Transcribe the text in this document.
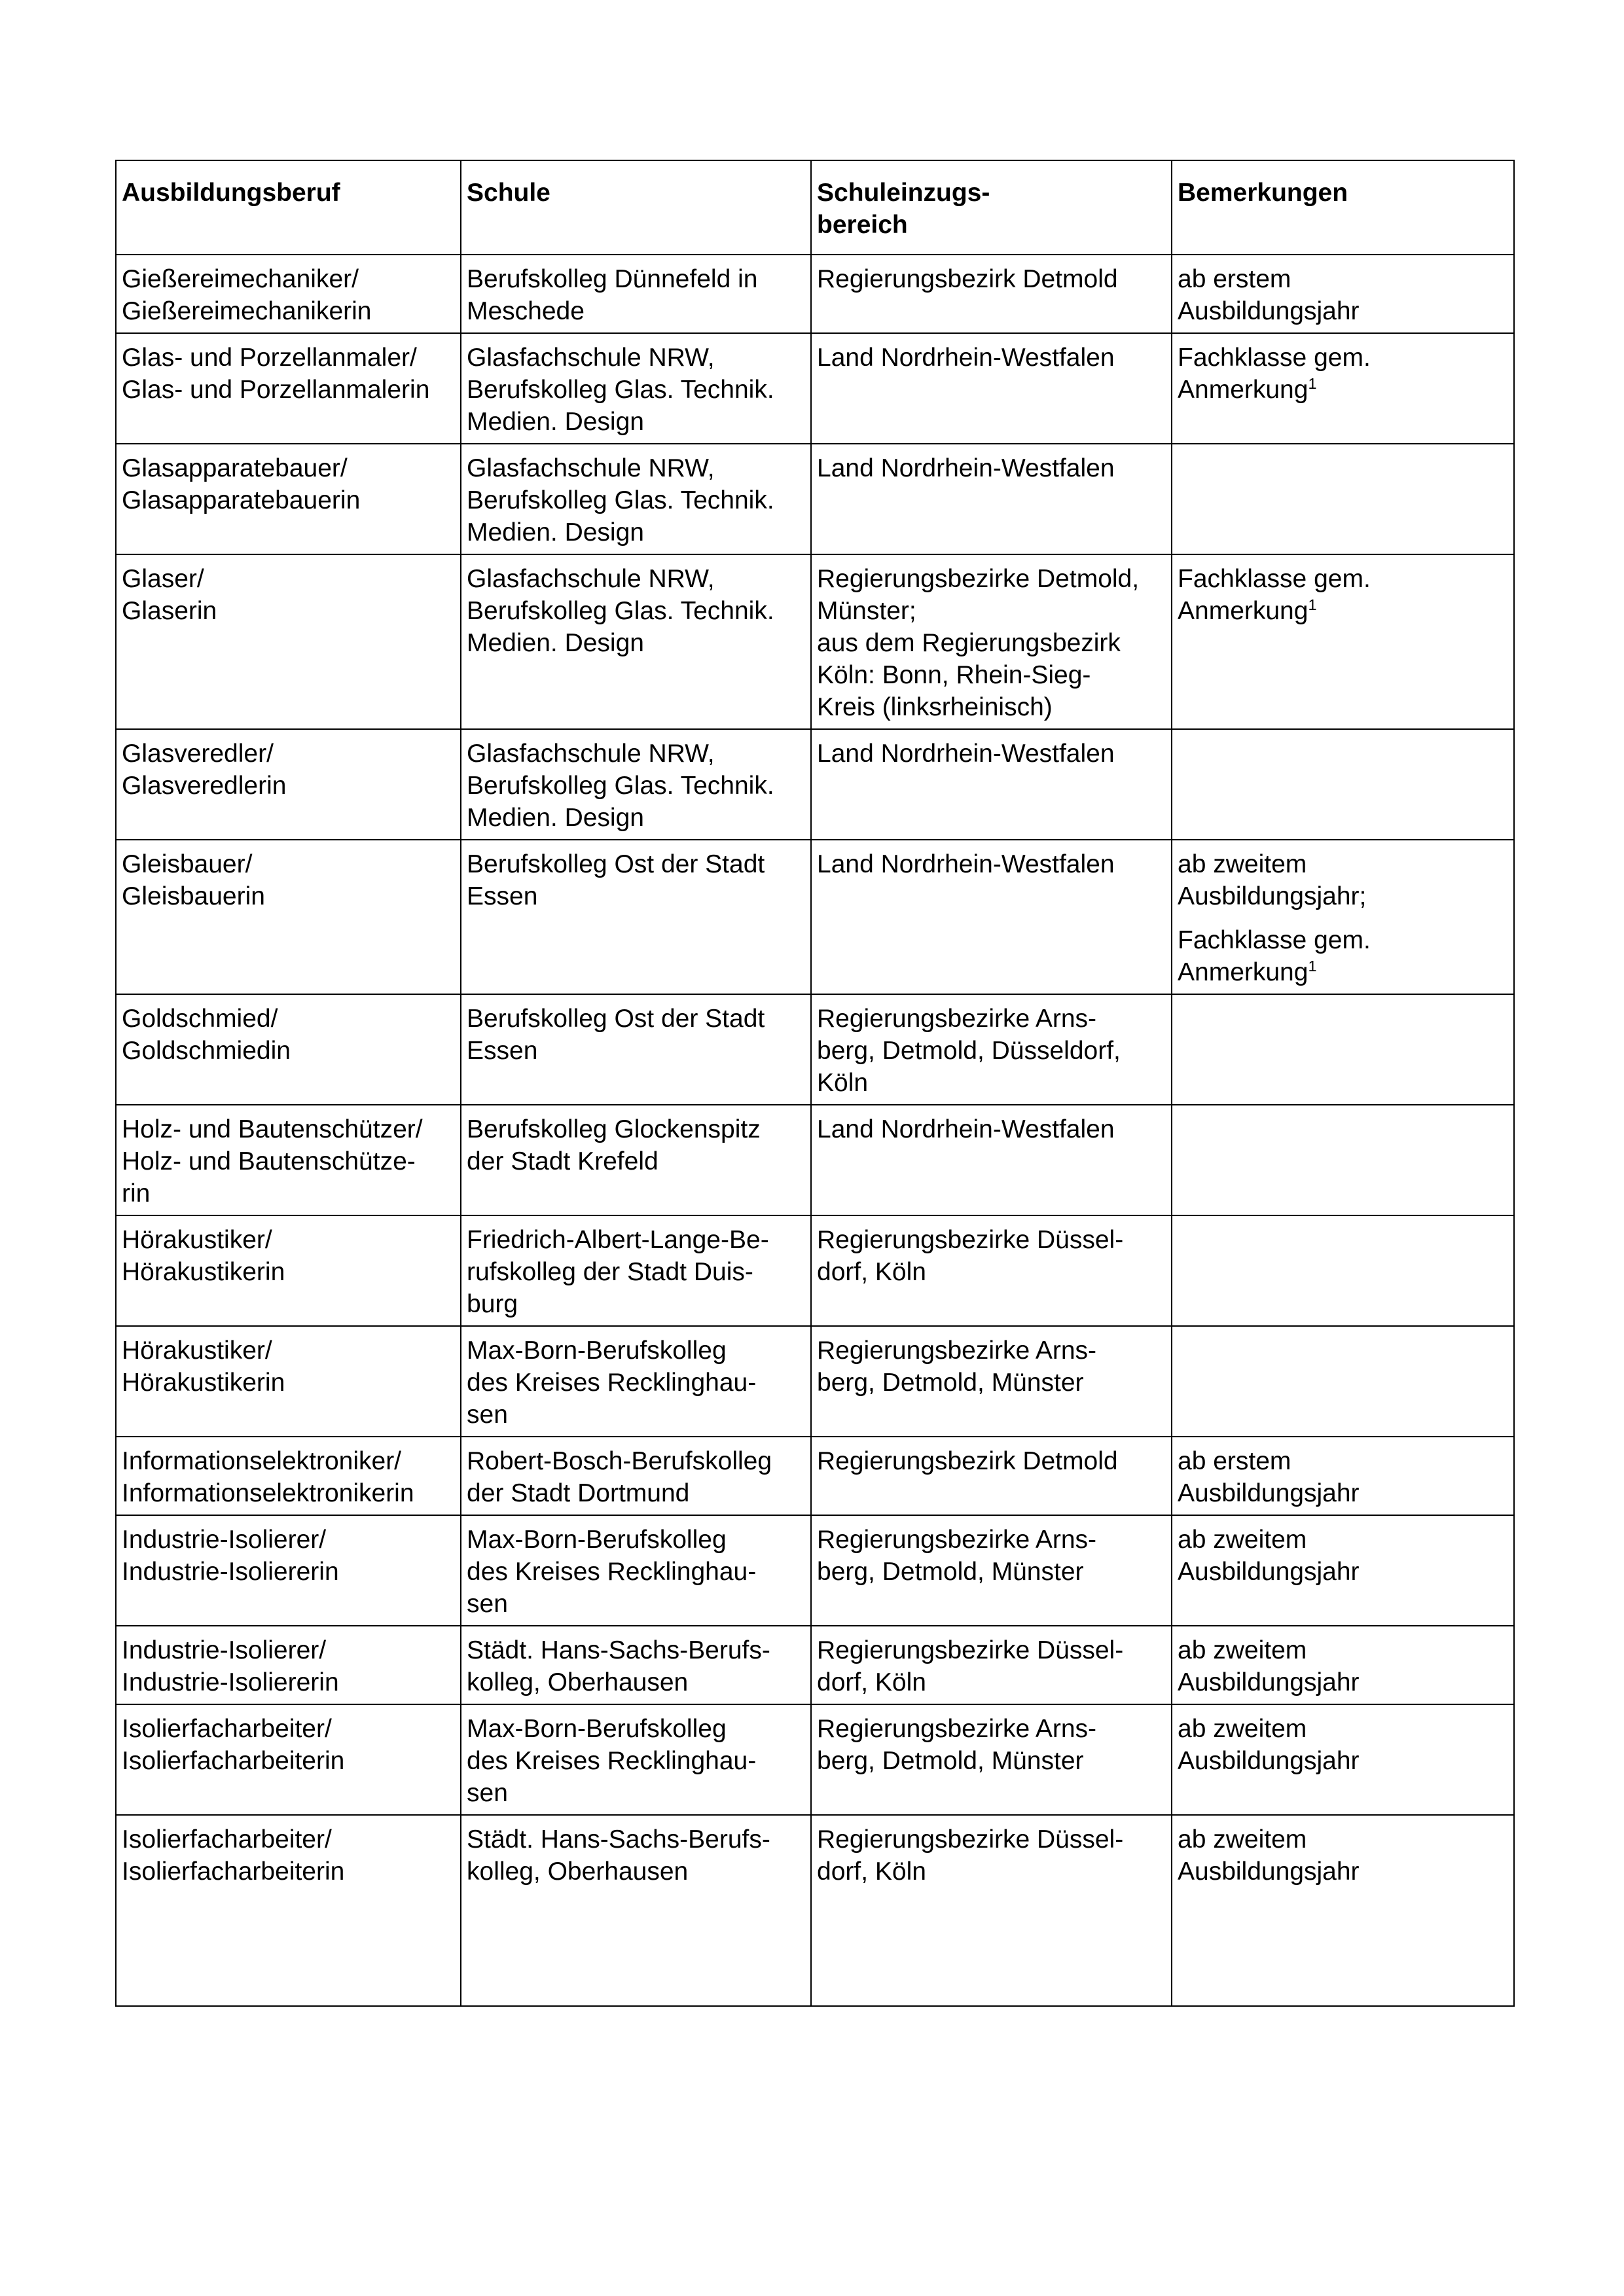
Ausbildungsberuf	Schule	Schuleinzugs-
bereich	Bemerkungen

Gießereimechaniker/
Gießereimechanikerin	Berufskolleg Dünnefeld in
Meschede	Regierungsbezirk Detmold	ab erstem
Ausbildungsjahr

Glas- und Porzellanmaler/
Glas- und Porzellanmalerin	Glasfachschule NRW,
Berufskolleg Glas. Technik.
Medien. Design	Land Nordrhein-Westfalen	Fachklasse gem.
Anmerkung$^1$

Glasapparatebauer/
Glasapparatebauerin	Glasfachschule NRW,
Berufskolleg Glas. Technik.
Medien. Design	Land Nordrhein-Westfalen	

Glaser/
Glaserin	Glasfachschule NRW,
Berufskolleg Glas. Technik.
Medien. Design	Regierungsbezirke Detmold,
Münster;
aus dem Regierungsbezirk
Köln: Bonn, Rhein-Sieg-
Kreis (linksrheinisch)	Fachklasse gem.
Anmerkung$^1$

Glasveredler/
Glasveredlerin	Glasfachschule NRW,
Berufskolleg Glas. Technik.
Medien. Design	Land Nordrhein-Westfalen	

Gleisbauer/
Gleisbauerin	Berufskolleg Ost der Stadt
Essen	Land Nordrhein-Westfalen	ab zweitem
Ausbildungsjahr;
Fachklasse gem.
Anmerkung$^1$

Goldschmied/
Goldschmiedin	Berufskolleg Ost der Stadt
Essen	Regierungsbezirke Arns-
berg, Detmold, Düsseldorf,
Köln	

Holz- und Bautenschützer/
Holz- und Bautenschütze-
rin	Berufskolleg Glockenspitz
der Stadt Krefeld	Land Nordrhein-Westfalen	

Hörakustiker/
Hörakustikerin	Friedrich-Albert-Lange-Be-
rufskolleg der Stadt Duis-
burg	Regierungsbezirke Düssel-
dorf, Köln	

Hörakustiker/
Hörakustikerin	Max-Born-Berufskolleg
des Kreises Recklinghau-
sen	Regierungsbezirke Arns-
berg, Detmold, Münster	

Informationselektroniker/
Informationselektronikerin	Robert-Bosch-Berufskolleg
der Stadt Dortmund	Regierungsbezirk Detmold	ab erstem
Ausbildungsjahr

Industrie-Isolierer/
Industrie-Isoliererin	Max-Born-Berufskolleg
des Kreises Recklinghau-
sen	Regierungsbezirke Arns-
berg, Detmold, Münster	ab zweitem
Ausbildungsjahr

Industrie-Isolierer/
Industrie-Isoliererin	Städt. Hans-Sachs-Berufs-
kolleg, Oberhausen	Regierungsbezirke Düssel-
dorf, Köln	ab zweitem
Ausbildungsjahr

Isolierfacharbeiter/
Isolierfacharbeiterin	Max-Born-Berufskolleg
des Kreises Recklinghau-
sen	Regierungsbezirke Arns-
berg, Detmold, Münster	ab zweitem
Ausbildungsjahr

Isolierfacharbeiter/
Isolierfacharbeiterin	Städt. Hans-Sachs-Berufs-
kolleg, Oberhausen	Regierungsbezirke Düssel-
dorf, Köln	ab zweitem
Ausbildungsjahr
